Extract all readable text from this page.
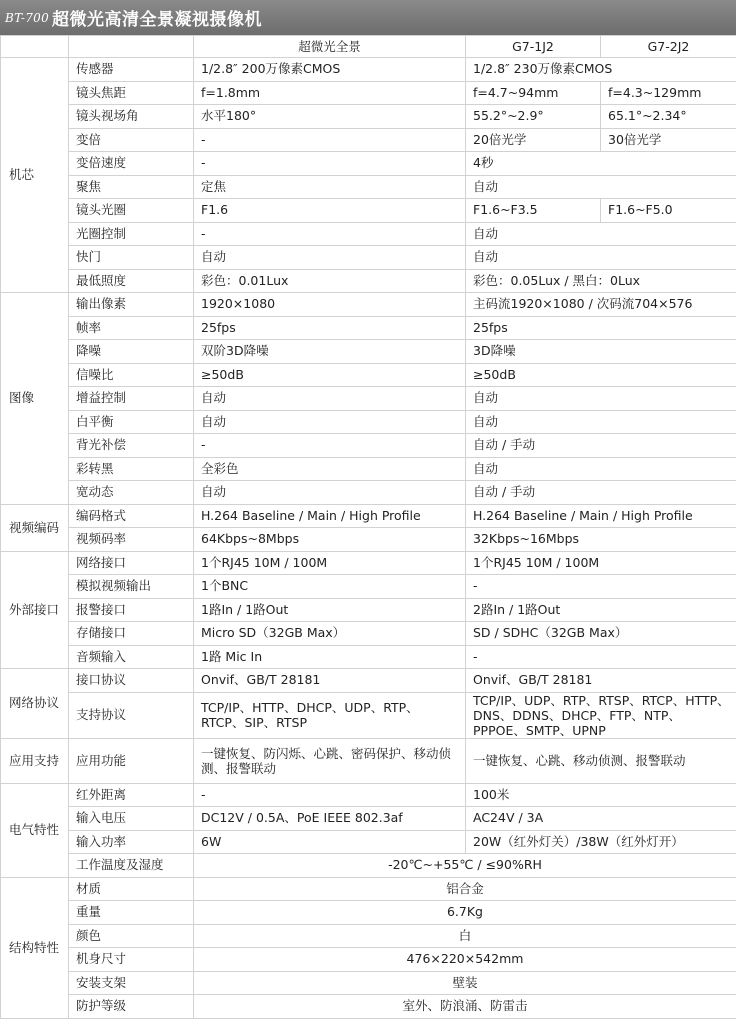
BT-700 超微光高清全景凝视摄像机
		超微光全景	G7-1J2	G7-2J2
机芯	传感器	1/2.8″ 200万像素CMOS	1/2.8″ 230万像素CMOS	
	镜头焦距	f=1.8mm	f=4.7~94mm	f=4.3~129mm
	镜头视场角	水平180°	55.2°~2.9°	65.1°~2.34°
	变倍	-	20倍光学	30倍光学
	变倍速度	-	4秒	
	聚焦	定焦	自动	
	镜头光圈	F1.6	F1.6~F3.5	F1.6~F5.0
	光圈控制	-	自动	
	快门	自动	自动	
	最低照度	彩色：0.01Lux	彩色：0.05Lux / 黑白：0Lux	
图像	输出像素	1920×1080	主码流1920×1080 / 次码流704×576	
	帧率	25fps	25fps	
	降噪	双阶3D降噪	3D降噪	
	信噪比	≥50dB	≥50dB	
	增益控制	自动	自动	
	白平衡	自动	自动	
	背光补偿	-	自动 / 手动	
	彩转黑	全彩色	自动	
	宽动态	自动	自动 / 手动	
视频编码	编码格式	H.264 Baseline / Main / High Profile	H.264 Baseline / Main / High Profile	
	视频码率	64Kbps~8Mbps	32Kbps~16Mbps	
外部接口	网络接口	1个RJ45 10M / 100M	1个RJ45 10M / 100M	
	模拟视频输出	1个BNC	-	
	报警接口	1路In / 1路Out	2路In / 1路Out	
	存储接口	Micro SD（32GB Max）	SD / SDHC（32GB Max）	
	音频输入	1路 Mic In	-	
网络协议	接口协议	Onvif、GB/T 28181	Onvif、GB/T 28181	
	支持协议	TCP/IP、HTTP、DHCP、UDP、RTP、RTCP、SIP、RTSP	TCP/IP、UDP、RTP、RTSP、RTCP、HTTP、DNS、DDNS、DHCP、FTP、NTP、PPPOE、SMTP、UPNP	
应用支持	应用功能	一键恢复、防闪烁、心跳、密码保护、移动侦测、报警联动	一键恢复、心跳、移动侦测、报警联动	
电气特性	红外距离	-	100米	
	输入电压	DC12V / 0.5A、PoE IEEE 802.3af	AC24V / 3A	
	输入功率	6W	20W（红外灯关）/38W（红外灯开）	
	工作温度及湿度	-20℃~+55℃ / ≤90%RH		
结构特性	材质	铝合金		
	重量	6.7Kg		
	颜色	白		
	机身尺寸	476×220×542mm		
	安装支架	壁装		
	防护等级	室外、防浪涌、防雷击		
